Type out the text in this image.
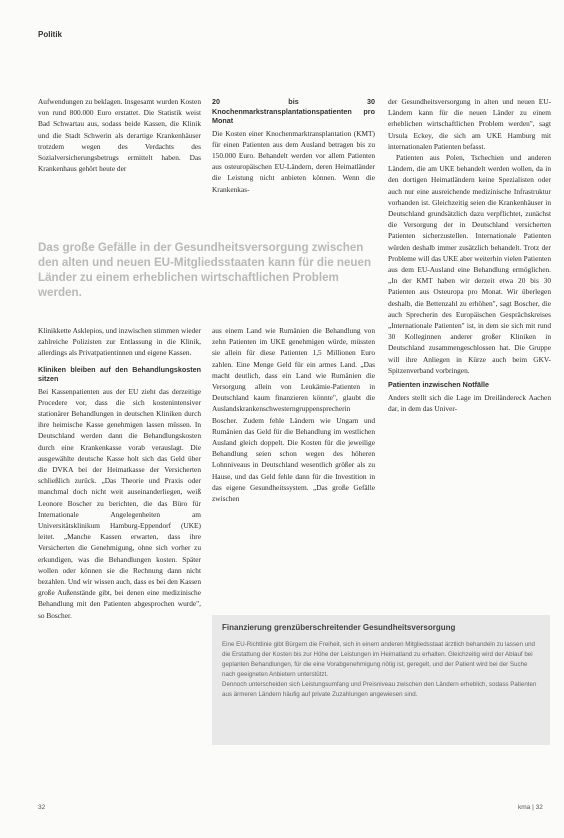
Politik

Aufwendungen zu beklagen. Insgesamt wurden Kosten von rund 800.000 Euro erstattet. Die Statistik weist Bad Schwartau aus, sodass beide Kassen, die Klinik und die Stadt Schwerin als derartige Krankenhäuser trotzdem wegen des Verdachts des Sozialversicherungsbetrugs ermittelt haben. Das Krankenhaus gehört heute der

20 bis 30 Knochenmarkstransplantationspatienten pro Monat

Die Kosten einer Knochenmarktransplantation (KMT) für einen Patienten aus dem Ausland betragen bis zu 150.000 Euro. Behandelt werden vor allem Patienten aus osteuropäischen EU-Ländern, deren Heimatländer die Leistung nicht anbieten können. Wenn die Krankenkas-

der Gesundheitsversorgung in alten und neuen EU-Ländern kann für die neuen Länder zu einem erheblichen wirtschaftlichen Problem werden", sagt Ursula Eckey, die sich am UKE Hamburg mit internationalen Patienten befasst.

Patienten aus Polen, Tschechien und anderen Ländern, die am UKE behandelt werden wollen, da in den dortigen Heimatländern keine Spezialisten oder auch nur eine ausreichende medizinische Infrastruktur vorhanden ist. Gleichzeitig seien die Krankenhäuser in Deutschland grundsätzlich dazu verpflichtet, zunächst die Versorgung der in Deutschland versicherten Patienten sicherzustellen. Internationale Patienten würden deshalb immer zusätzlich behandelt. Trotz der Probleme will das UKE aber weiterhin vielen Patienten aus dem EU-Ausland eine Behandlung ermöglichen. „In der KMT haben wir derzeit etwa 20 bis 30 Patienten aus Osteuropa pro Monat. Wir überlegen deshalb, die Bettenzahl zu erhöhen", sagt Boscher, die auch Sprecherin des Europäischen Gesprächskreises „Internationale Patienten" ist, in dem sie sich mit rund 30 Kolleginnen anderer großer Kliniken in Deutschland zusammengeschlossen hat. Die Gruppe will ihre Anliegen in Kürze auch beim GKV-Spitzenverband vorbringen.

Patienten inzwischen Notfälle

Anders stellt sich die Lage im Dreiländereck Aachen dar, in dem das Univer-

Das große Gefälle in der Gesundheitsversorgung zwischen den alten und neuen EU-Mitgliedsstaaten kann für die neuen Länder zu einem erheblichen wirtschaftlichen Problem werden.

Klinikkette Asklepios, und inzwischen stimmen wieder zahlreiche Polizisten zur Entlassung in die Klinik, allerdings als Privatpatientinnen und eigene Kassen.

Kliniken bleiben auf den Behandlungskosten sitzen

Bei Kassenpatienten aus der EU zieht das derzeitige Procedere vor, dass die sich kostenintensiver stationärer Behandlungen in deutschen Kliniken durch ihre heimische Kasse genehmigen lassen müssen. In Deutschland werden dann die Behandlungskosten durch eine Krankenkasse vorab verauslagt. Die ausgewählte deutsche Kasse holt sich das Geld über die DVKA bei der Heimatkasse der Versicherten schließlich zurück. „Das Theorie und Praxis oder manchmal doch nicht weit auseinanderliegen, weiß Leonore Boscher zu berichten, die das Büro für Internationale Angelegenheiten am Universitätsklinikum Hamburg-Eppendorf (UKE) leitet. „Manche Kassen erwarten, dass ihre Versicherten die Genehmigung, ohne sich vorher zu erkundigen, was die Behandlungen kosten. Später wollen oder können sie die Rechnung dann nicht bezahlen. Und wir wissen auch, dass es bei den Kassen große Außenstände gibt, bei denen eine medizinische Behandlung mit den Patienten abgesprochen wurde", so Boscher.

aus einem Land wie Rumänien die Behandlung von zehn Patienten im UKE genehmigen würde, müssten sie allein für diese Patienten 1,5 Millionen Euro zahlen. Eine Menge Geld für ein armes Land. „Das macht deutlich, dass ein Land wie Rumänien die Versorgung allein von Leukämie-Patienten in Deutschland kaum finanzieren könnte", glaubt die Auslandskrankenschwesterngruppensprecherin Boscher. Zudem fehle Ländern wie Ungarn und Rumänien das Geld für die Behandlung im westlichen Ausland gleich doppelt. Die Kosten für die jeweilige Behandlung seien schon wegen des höheren Lohnniveaus in Deutschland wesentlich größer als zu Hause, und das Geld fehle dann für die Investition in das eigene Gesundheitssystem. „Das große Gefälle zwischen

Finanzierung grenzüberschreitender Gesundheitsversorgung

Eine EU-Richtlinie gibt Bürgern die Freiheit, sich in einem anderen Mitgliedsstaat ärztlich behandeln zu lassen und die Erstattung der Kosten bis zur Höhe der Leistungen im Heimatland zu erhalten. Gleichzeitig wird der Ablauf bei geplanten Behandlungen, für die eine Vorabgenehmigung nötig ist, geregelt, und der Patient wird bei der Suche nach geeigneten Anbietern unterstützt.

Dennoch unterscheiden sich Leistungsumfang und Preisniveau zwischen den Ländern erheblich, sodass Patienten aus ärmeren Ländern häufig auf private Zuzahlungen angewiesen sind.

32	kma | 32
